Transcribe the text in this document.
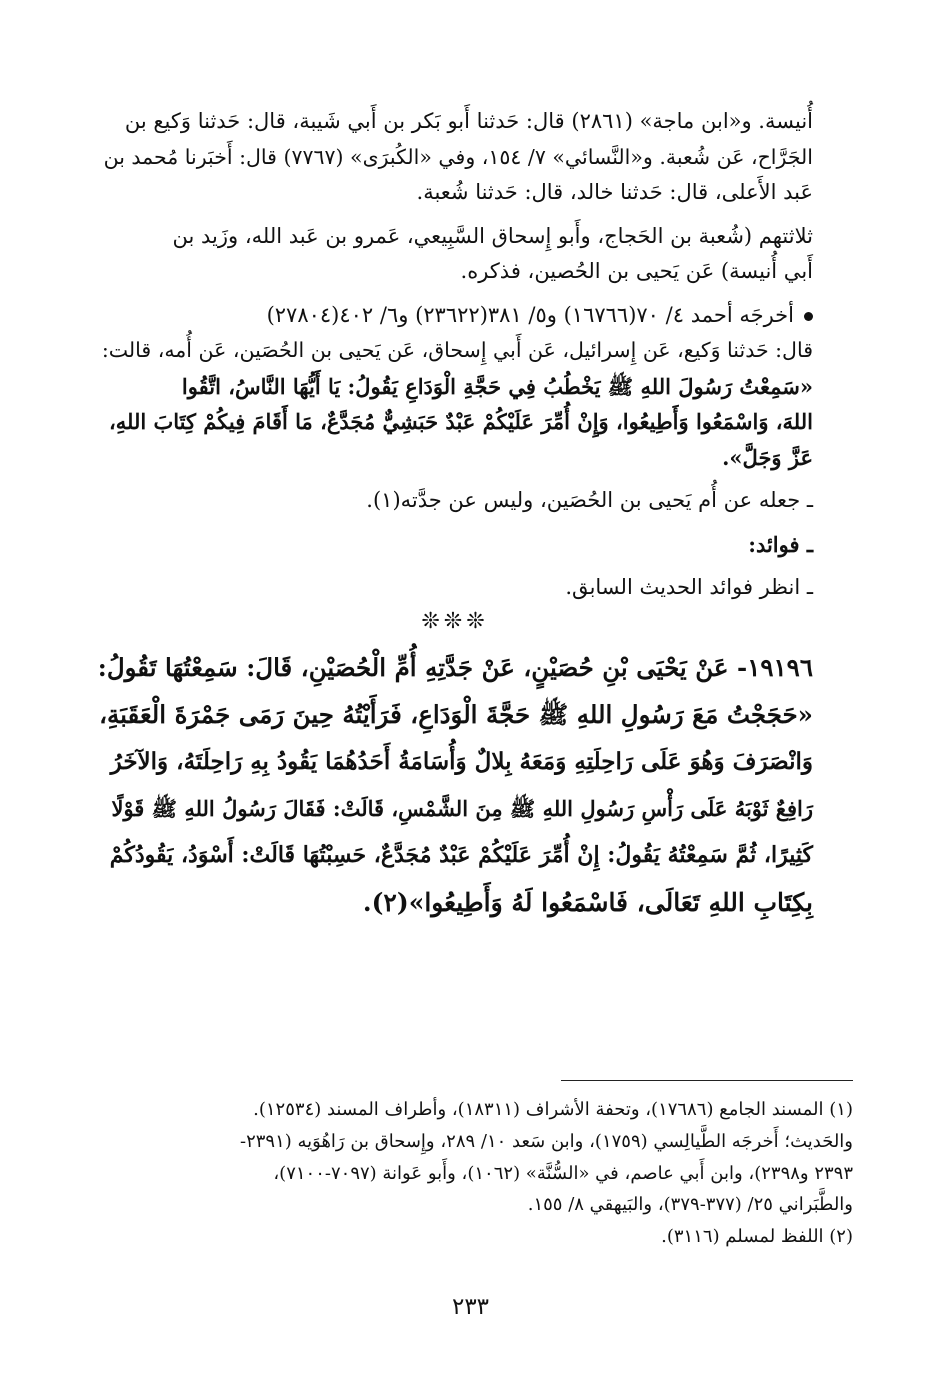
أُنيسة. و«ابن ماجة» (٢٨٦١) قال: حَدثنا أَبو بَكر بن أَبي شَيبة، قال: حَدثنا وَكيع بن
الجَرَّاح، عَن شُعبة. و«النَّسائي» ٧/ ١٥٤، وفي «الكُبرَى» (٧٧٦٧) قال: أَخبَرنا مُحمد بن
عَبد الأَعلى، قال: حَدثنا خالد، قال: حَدثنا شُعبة.
ثلاثتهم (شُعبة بن الحَجاج، وأَبو إِسحاق السَّبِيعي، عَمرو بن عَبد الله، وزَيد بن
أَبي أُنيسة) عَن يَحيى بن الحُصين، فذكره.
أخرجَه أحمد ٤/ ٧٠(١٦٧٦٦) و٥/ ٣٨١(٢٣٦٢٢) و٦/ ٤٠٢(٢٧٨٠٤)
قال: حَدثنا وَكيع، عَن إِسرائيل، عَن أَبي إِسحاق، عَن يَحيى بن الحُصَين، عَن أُمه، قالت:
«سَمِعْتُ رَسُولَ اللهِ ﷺ يَخْطُبُ فِي حَجَّةِ الْوَدَاعِ يَقُولُ: يَا أَيُّهَا النَّاسُ، اتَّقُوا
اللهَ، وَاسْمَعُوا وَأَطِيعُوا، وَإِنْ أُمِّرَ عَلَيْكُمْ عَبْدٌ حَبَشِيٌّ مُجَدَّعٌ، مَا أَقَامَ فِيكُمْ كِتَابَ اللهِ،
عَزَّ وَجَلَّ».
ـ جعله عن أُم يَحيى بن الحُصَين، وليس عن جدَّته(١).
ـ فوائد:
ـ انظر فوائد الحديث السابق.
❊❊❊
١٩١٩٦- عَنْ يَحْيَى بْنِ حُصَيْنٍ، عَنْ جَدَّتِهِ أُمِّ الْحُصَيْنِ، قَالَ: سَمِعْتُهَا تَقُولُ:
«حَجَجْتُ مَعَ رَسُولِ اللهِ ﷺ حَجَّةَ الْوَدَاعِ، فَرَأَيْتُهُ حِينَ رَمَى جَمْرَةَ الْعَقَبَةِ،
وَانْصَرَفَ وَهُوَ عَلَى رَاحِلَتِهِ وَمَعَهُ بِلالٌ وَأُسَامَةُ أَحَدُهُمَا يَقُودُ بِهِ رَاحِلَتَهُ، وَالآخَرُ
رَافِعٌ ثَوْبَهُ عَلَى رَأْسِ رَسُولِ اللهِ ﷺ مِنَ الشَّمْسِ، قَالَتْ: فَقَالَ رَسُولُ اللهِ ﷺ قَوْلًا
كَثِيرًا، ثُمَّ سَمِعْتُهُ يَقُولُ: إِنْ أُمِّرَ عَلَيْكُمْ عَبْدٌ مُجَدَّعٌ، حَسِبْتُهَا قَالَتْ: أَسْوَدُ، يَقُودُكُمْ
بِكِتَابِ اللهِ تَعَالَى، فَاسْمَعُوا لَهُ وَأَطِيعُوا»(٢).
(١) المسند الجامع (١٧٦٨٦)، وتحفة الأشراف (١٨٣١١)، وأطراف المسند (١٢٥٣٤).
والحَديث؛ أَخرجَه الطَّيالِسي (١٧٥٩)، وابن سَعد ١٠/ ٢٨٩، وإِسحاق بن رَاهُوَيه (٢٣٩١-
٢٣٩٣ و٢٣٩٨)، وابن أَبي عاصم، في «السُّنَّة» (١٠٦٢)، وأَبو عَوانة (٧٠٩٧-٧١٠٠)،
والطَّبَراني ٢٥/ (٣٧٧-٣٧٩)، والبَيهقي ٨/ ١٥٥.
(٢) اللفظ لمسلم (٣١١٦).
٢٣٣
